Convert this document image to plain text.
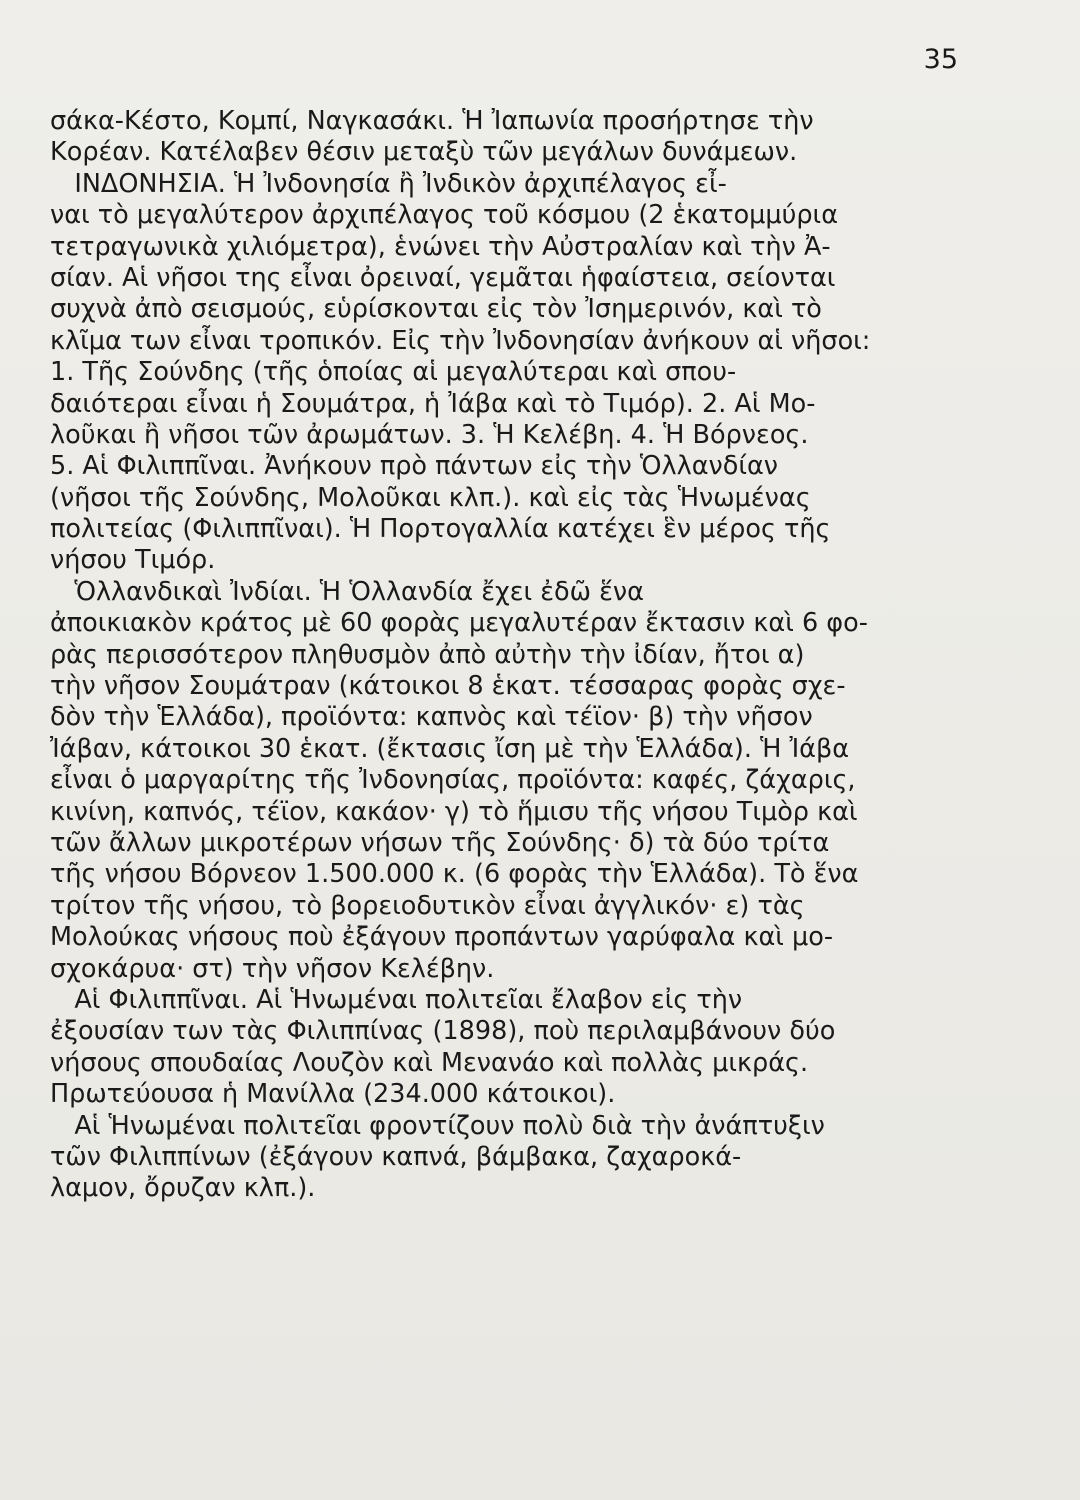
35
σάκα-Κέστο, Κομπί, Ναγκασάκι. Ἡ Ἰαπωνία προσήρτησε τὴν
Κορέαν. Κατέλαβεν θέσιν μεταξὺ τῶν μεγάλων δυνάμεων.
ΙΝΔΟΝΗΣΙΑ. Ἡ Ἰνδονησία ἢ Ἰνδικὸν ἀρχιπέλαγος εἶ-
ναι τὸ μεγαλύτερον ἀρχιπέλαγος τοῦ κόσμου (2 ἑκατομμύρια
τετραγωνικὰ χιλιόμετρα), ἑνώνει τὴν Αὐστραλίαν καὶ τὴν Ἀ-
σίαν. Αἱ νῆσοι της εἶναι ὀρειναί, γεμᾶται ἡφαίστεια, σείονται
συχνὰ ἀπὸ σεισμούς, εὑρίσκονται εἰς τὸν Ἰσημερινόν, καὶ τὸ
κλῖμα των εἶναι τροπικόν. Εἰς τὴν Ἰνδονησίαν ἀνήκουν αἱ νῆσοι:
1. Τῆς Σούνδης (τῆς ὁποίας αἱ μεγαλύτεραι καὶ σπου-
δαιότεραι εἶναι ἡ Σουμάτρα, ἡ Ἰάβα καὶ τὸ Τιμόρ). 2. Αἱ Μο-
λοῦκαι ἢ νῆσοι τῶν ἀρωμάτων. 3. Ἡ Κελέβη. 4. Ἡ Βόρνεος.
5. Αἱ Φιλιππῖναι. Ἀνήκουν πρὸ πάντων εἰς τὴν Ὁλλανδίαν
(νῆσοι τῆς Σούνδης, Μολοῦκαι κλπ.). καὶ εἰς τὰς Ἡνωμένας
πολιτείας (Φιλιππῖναι). Ἡ Πορτογαλλία κατέχει ἓν μέρος τῆς
νήσου Τιμόρ.
Ὁλλανδικαὶ Ἰνδίαι. Ἡ Ὁλλανδία ἔχει ἐδῶ ἕνα
ἀποικιακὸν κράτος μὲ 60 φορὰς μεγαλυτέραν ἔκτασιν καὶ 6 φο-
ρὰς περισσότερον πληθυσμὸν ἀπὸ αὐτὴν τὴν ἰδίαν, ἤτοι α)
τὴν νῆσον Σουμάτραν (κάτοικοι 8 ἑκατ. τέσσαρας φορὰς σχε-
δὸν τὴν Ἑλλάδα), προϊόντα: καπνὸς καὶ τέϊον· β) τὴν νῆσον
Ἰάβαν, κάτοικοι 30 ἑκατ. (ἔκτασις ἴση μὲ τὴν Ἑλλάδα). Ἡ Ἰάβα
εἶναι ὁ μαργαρίτης τῆς Ἰνδονησίας, προϊόντα: καφές, ζάχαρις,
κινίνη, καπνός, τέϊον, κακάον· γ) τὸ ἥμισυ τῆς νήσου Τιμὸρ καὶ
τῶν ἄλλων μικροτέρων νήσων τῆς Σούνδης· δ) τὰ δύο τρίτα
τῆς νήσου Βόρνεον 1.500.000 κ. (6 φορὰς τὴν Ἑλλάδα). Τὸ ἕνα
τρίτον τῆς νήσου, τὸ βορειοδυτικὸν εἶναι ἀγγλικόν· ε) τὰς
Μολούκας νήσους ποὺ ἐξάγουν προπάντων γαρύφαλα καὶ μο-
σχοκάρυα· στ) τὴν νῆσον Κελέβην.
Αἱ Φιλιππῖναι. Αἱ Ἡνωμέναι πολιτεῖαι ἔλαβον εἰς τὴν
ἐξουσίαν των τὰς Φιλιππίνας (1898), ποὺ περιλαμβάνουν δύο
νήσους σπουδαίας Λουζὸν καὶ Μενανάο καὶ πολλὰς μικράς.
Πρωτεύουσα ἡ Μανίλλα (234.000 κάτοικοι).
Αἱ Ἡνωμέναι πολιτεῖαι φροντίζουν πολὺ διὰ τὴν ἀνάπτυξιν
τῶν Φιλιππίνων (ἐξάγουν καπνά, βάμβακα, ζαχαροκά-
λαμον, ὄρυζαν κλπ.).
